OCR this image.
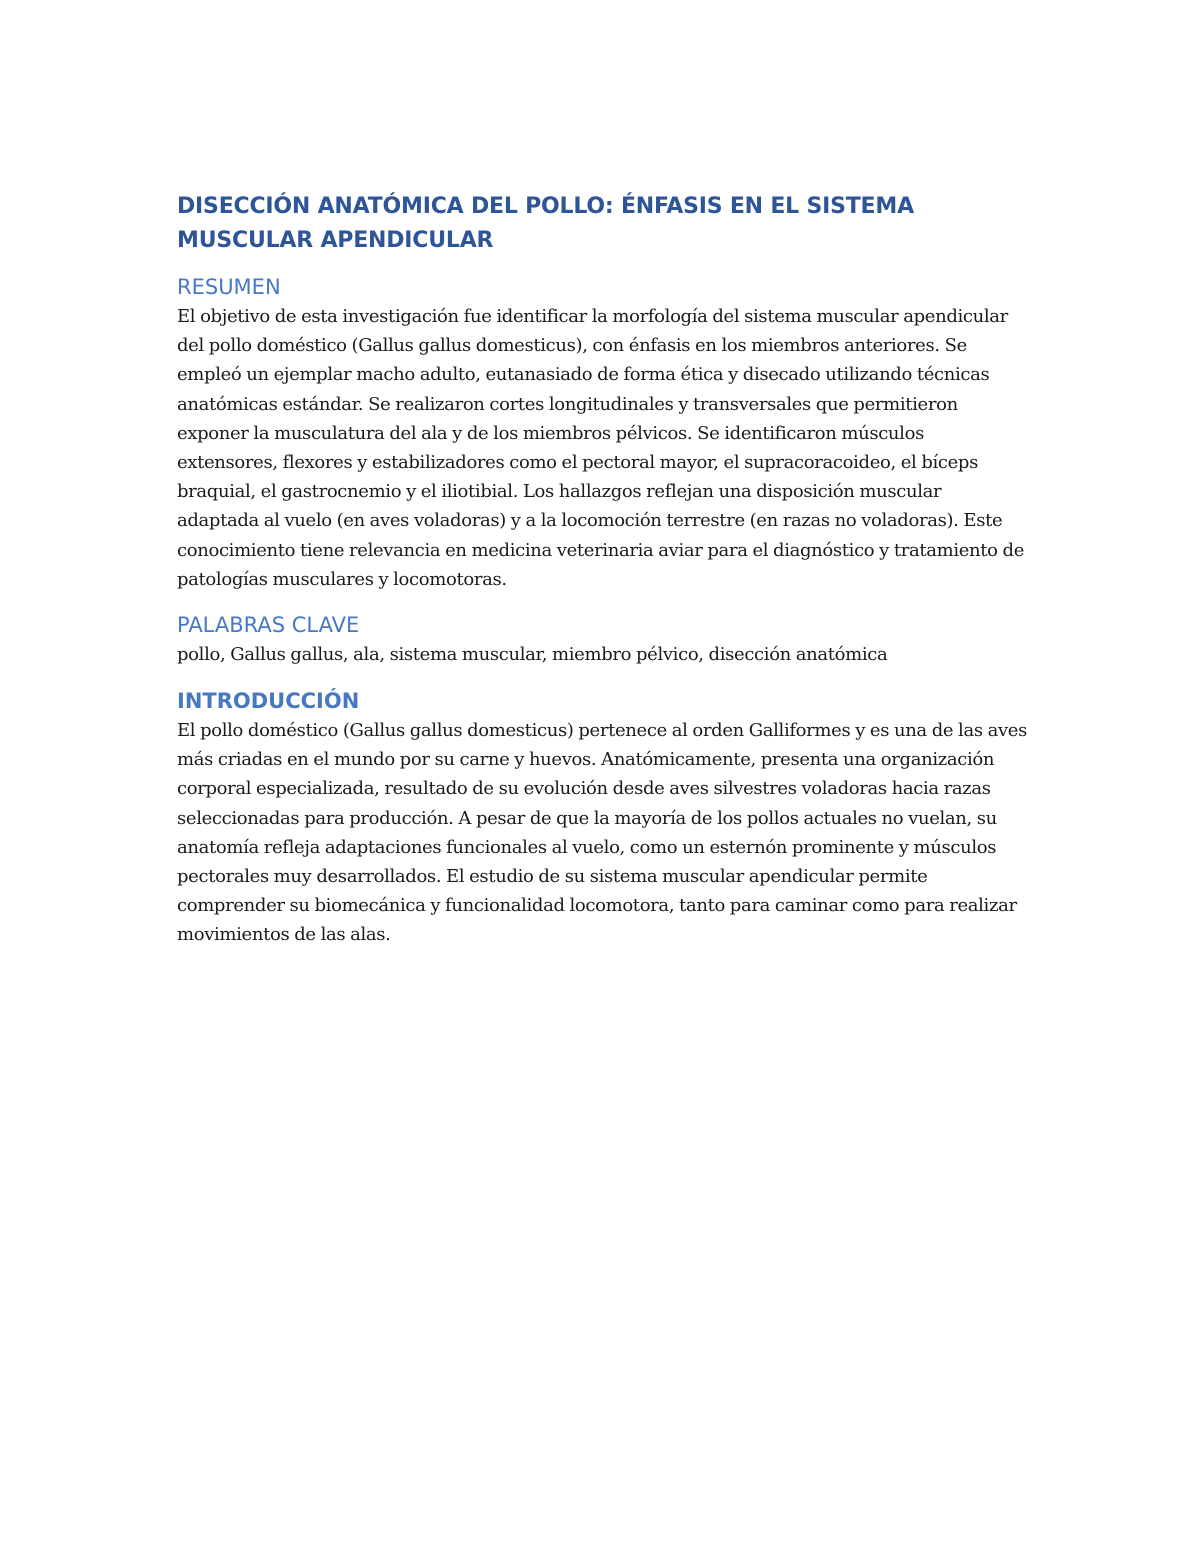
DISECCIÓN ANATÓMICA DEL POLLO: ÉNFASIS EN EL SISTEMA MUSCULAR APENDICULAR
RESUMEN

El objetivo de esta investigación fue identificar la morfología del sistema muscular apendicular del pollo doméstico (Gallus gallus domesticus), con énfasis en los miembros anteriores. Se empleó un ejemplar macho adulto, eutanasiado de forma ética y disecado utilizando técnicas anatómicas estándar. Se realizaron cortes longitudinales y transversales que permitieron exponer la musculatura del ala y de los miembros pélvicos. Se identificaron músculos extensores, flexores y estabilizadores como el pectoral mayor, el supracoracoideo, el bíceps braquial, el gastrocnemio y el iliotibial. Los hallazgos reflejan una disposición muscular adaptada al vuelo (en aves voladoras) y a la locomoción terrestre (en razas no voladoras). Este conocimiento tiene relevancia en medicina veterinaria aviar para el diagnóstico y tratamiento de patologías musculares y locomotoras.

PALABRAS CLAVE

pollo, Gallus gallus, ala, sistema muscular, miembro pélvico, disección anatómica

INTRODUCCIÓN

El pollo doméstico (Gallus gallus domesticus) pertenece al orden Galliformes y es una de las aves más criadas en el mundo por su carne y huevos. Anatómicamente, presenta una organización corporal especializada, resultado de su evolución desde aves silvestres voladoras hacia razas seleccionadas para producción. A pesar de que la mayoría de los pollos actuales no vuelan, su anatomía refleja adaptaciones funcionales al vuelo, como un esternón prominente y músculos pectorales muy desarrollados. El estudio de su sistema muscular apendicular permite comprender su biomecánica y funcionalidad locomotora, tanto para caminar como para realizar movimientos de las alas.
